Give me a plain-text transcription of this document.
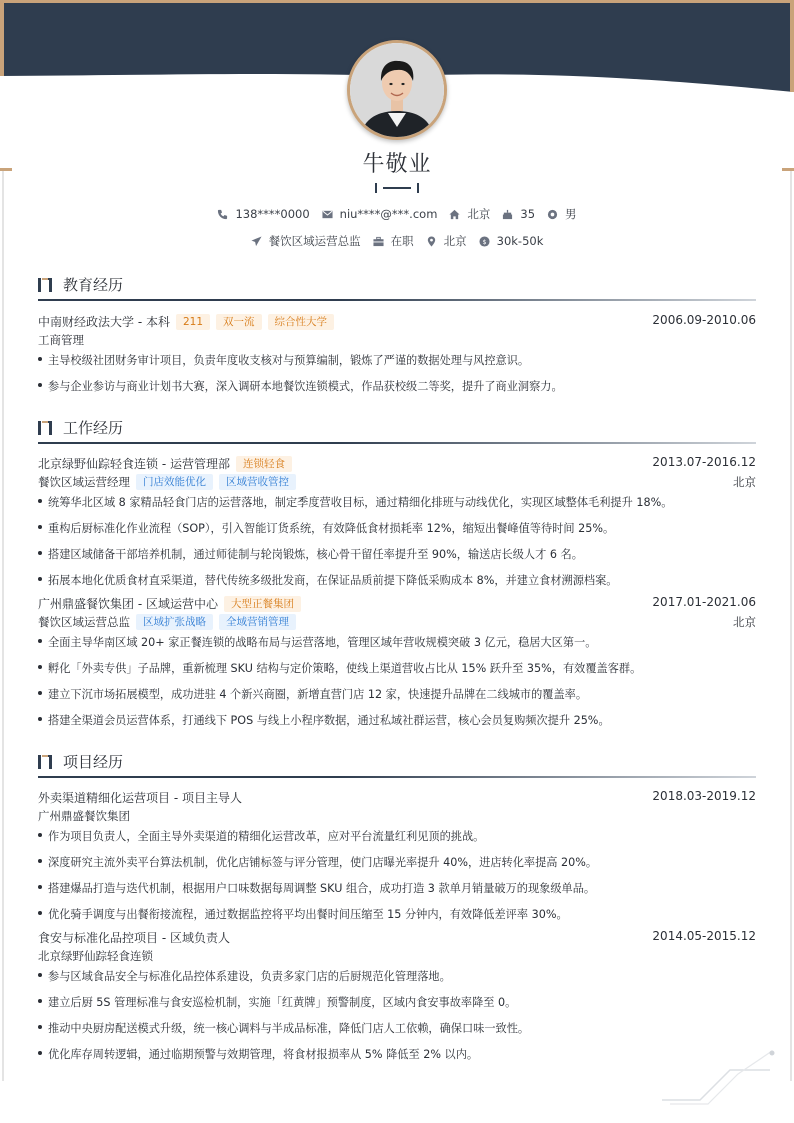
牛敬业
138****0000	niu****@***.com	北京	35	男
餐饮区域运营总监	在职	北京 $ 30k-50k
教育经历
中南财经政法大学 - 本科	211	双一流	综合性大学	2006.09-2010.06
工商管理
主导校级社团财务审计项目，负责年度收支核对与预算编制，锻炼了严谨的数据处理与风控意识。
参与企业参访与商业计划书大赛，深入调研本地餐饮连锁模式，作品获校级二等奖，提升了商业洞察力。
工作经历
北京绿野仙踪轻食连锁 - 运营管理部	连锁轻食	2013.07-2016.12
餐饮区域运营经理	门店效能优化	区域营收管控	北京
统筹华北区域 8 家精品轻食门店的运营落地，制定季度营收目标，通过精细化排班与动线优化，实现区域整体毛利提升 18%。
重构后厨标准化作业流程（SOP），引入智能订货系统，有效降低食材损耗率 12%，缩短出餐峰值等待时间 25%。
搭建区域储备干部培养机制，通过师徒制与轮岗锻炼，核心骨干留任率提升至 90%，输送店长级人才 6 名。
拓展本地化优质食材直采渠道，替代传统多级批发商，在保证品质前提下降低采购成本 8%，并建立食材溯源档案。
广州鼎盛餐饮集团 - 区域运营中心	大型正餐集团	2017.01-2021.06
餐饮区域运营总监	区域扩张战略	全域营销管理	北京
全面主导华南区域 20+ 家正餐连锁的战略布局与运营落地，管理区域年营收规模突破 3 亿元，稳居大区第一。
孵化「外卖专供」子品牌，重新梳理 SKU 结构与定价策略，使线上渠道营收占比从 15% 跃升至 35%，有效覆盖客群。
建立下沉市场拓展模型，成功进驻 4 个新兴商圈，新增直营门店 12 家，快速提升品牌在二线城市的覆盖率。
搭建全渠道会员运营体系，打通线下 POS 与线上小程序数据，通过私域社群运营，核心会员复购频次提升 25%。
项目经历
外卖渠道精细化运营项目 - 项目主导人	2018.03-2019.12
广州鼎盛餐饮集团
作为项目负责人，全面主导外卖渠道的精细化运营改革，应对平台流量红利见顶的挑战。
深度研究主流外卖平台算法机制，优化店铺标签与评分管理，使门店曝光率提升 40%，进店转化率提高 20%。
搭建爆品打造与迭代机制，根据用户口味数据每周调整 SKU 组合，成功打造 3 款单月销量破万的现象级单品。
优化骑手调度与出餐衔接流程，通过数据监控将平均出餐时间压缩至 15 分钟内，有效降低差评率 30%。
食安与标准化品控项目 - 区域负责人	2014.05-2015.12
北京绿野仙踪轻食连锁
参与区域食品安全与标准化品控体系建设，负责多家门店的后厨规范化管理落地。
建立后厨 5S 管理标准与食安巡检机制，实施「红黄牌」预警制度，区域内食安事故率降至 0。
推动中央厨房配送模式升级，统一核心调料与半成品标准，降低门店人工依赖，确保口味一致性。
优化库存周转逻辑，通过临期预警与效期管理，将食材报损率从 5% 降低至 2% 以内。
